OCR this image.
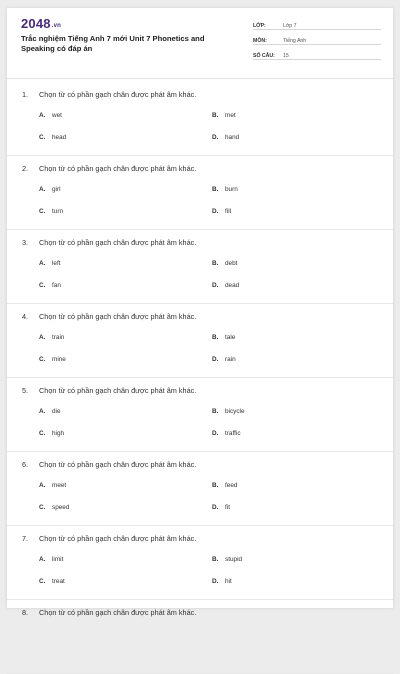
2048.vn
Trắc nghiệm Tiếng Anh 7 mới Unit 7 Phonetics and Speaking có đáp án
LỚP:	Lớp 7
MÔN:	Tiếng Anh
SỐ CÂU:	15
1. Chọn từ có phần gạch chân được phát âm khác.
A. wet	B. met
C. head	D. hand
2. Chọn từ có phần gạch chân được phát âm khác.
A. girl	B. burn
C. turn	D. fill
3. Chọn từ có phần gạch chân được phát âm khác.
A. left	B. debt
C. fan	D. dead
4. Chọn từ có phần gạch chân được phát âm khác.
A. train	B. tale
C. mine	D. rain
5. Chọn từ có phần gạch chân được phát âm khác.
A. die	B. bicycle
C. high	D. traffic
6. Chọn từ có phần gạch chân được phát âm khác.
A. meet	B. feed
C. speed	D. fit
7. Chọn từ có phần gạch chân được phát âm khác.
A. limit	B. stupid
C. treat	D. hit
8. Chọn từ có phần gạch chân được phát âm khác.
